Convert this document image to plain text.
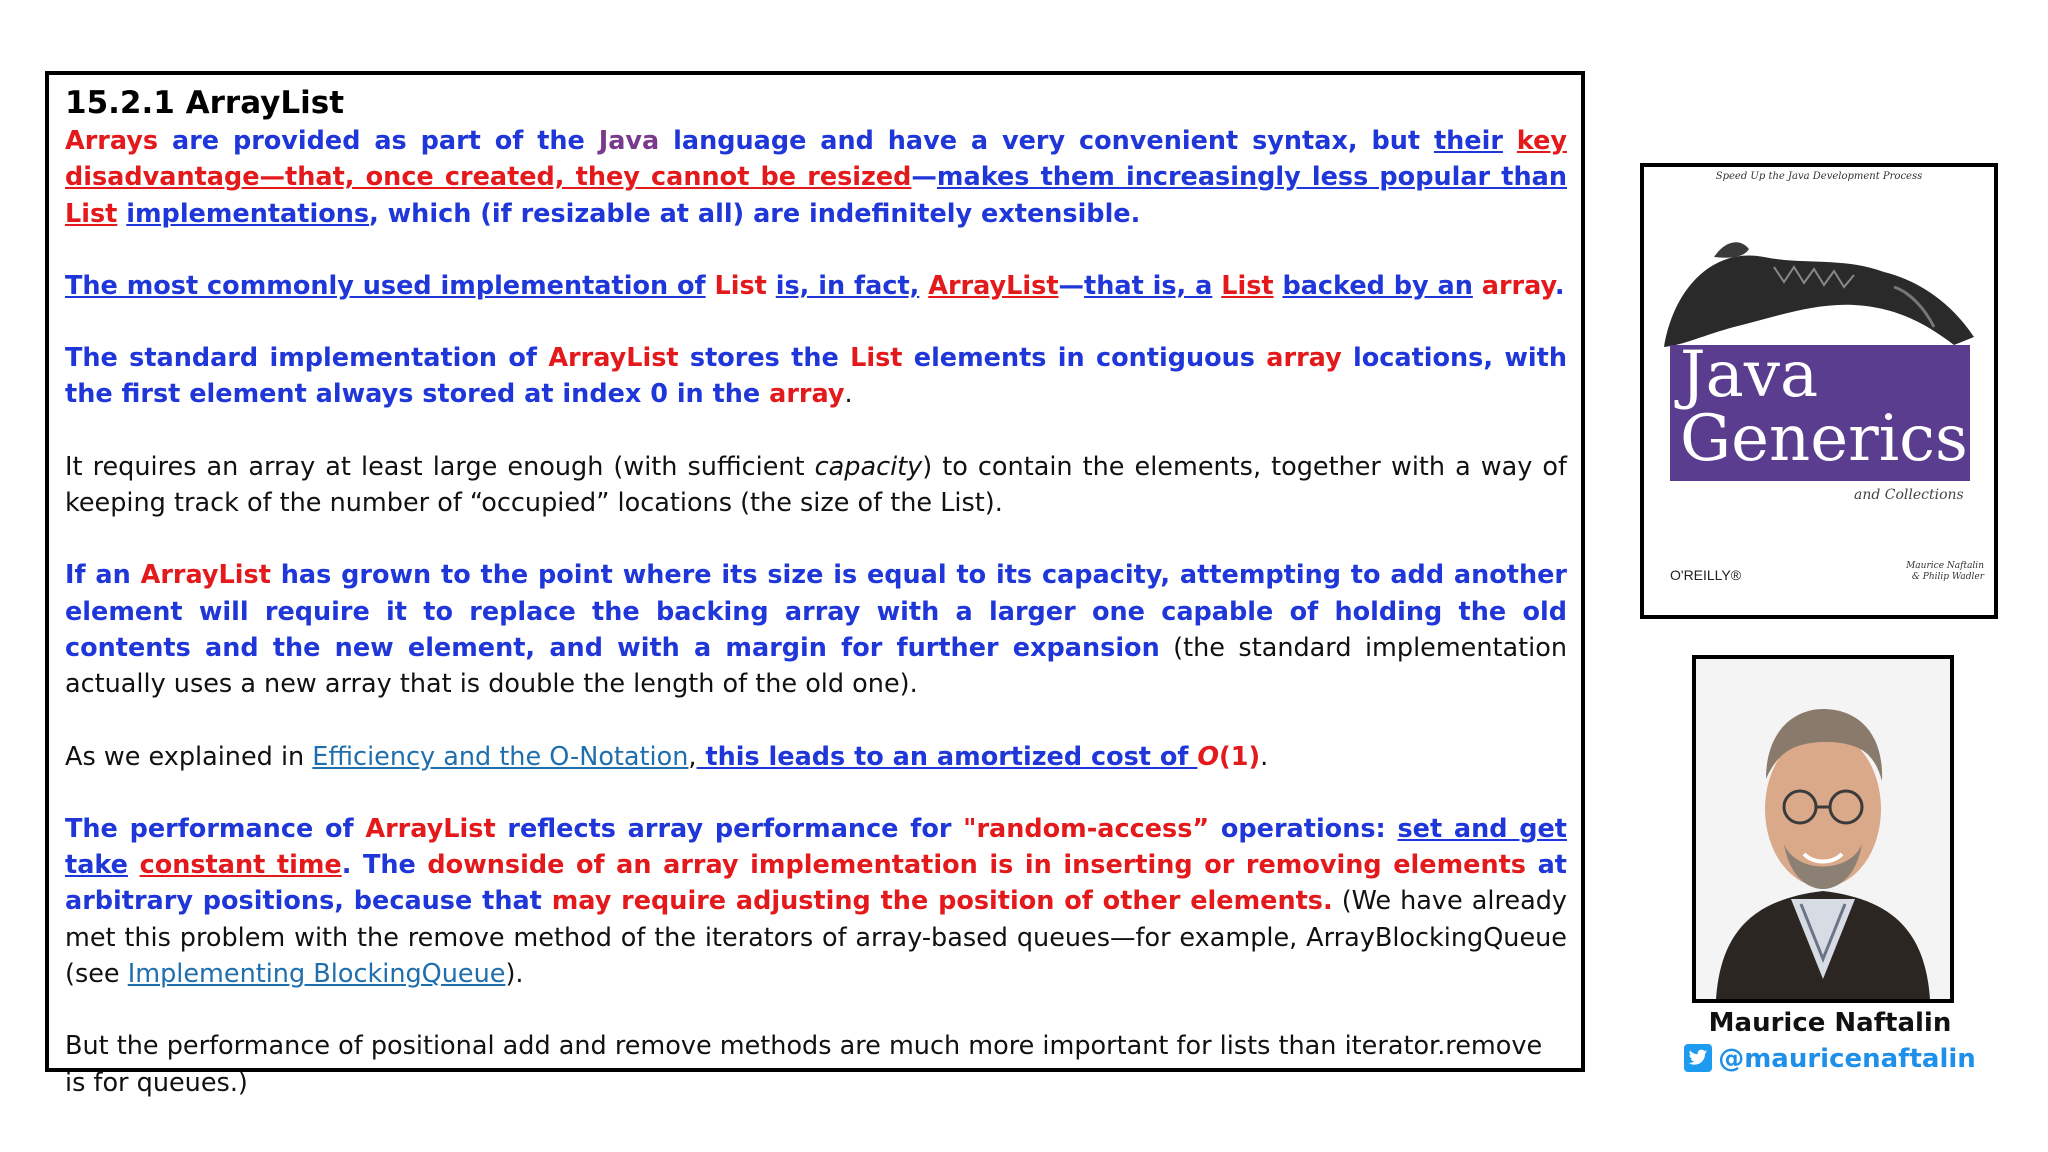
15.2.1 ArrayList

Arrays are provided as part of the Java language and have a very convenient syntax, but their key disadvantage—that, once created, they cannot be resized—makes them increasingly less popular than List implementations, which (if resizable at all) are indefinitely extensible.

The most commonly used implementation of List is, in fact, ArrayList—that is, a List backed by an array.

The standard implementation of ArrayList stores the List elements in contiguous array locations, with the first element always stored at index 0 in the array.

It requires an array at least large enough (with sufficient capacity) to contain the elements, together with a way of keeping track of the number of “occupied” locations (the size of the List).

If an ArrayList has grown to the point where its size is equal to its capacity, attempting to add another element will require it to replace the backing array with a larger one capable of holding the old contents and the new element, and with a margin for further expansion (the standard implementation actually uses a new array that is double the length of the old one).

As we explained in Efficiency and the O-Notation, this leads to an amortized cost of O(1).

The performance of ArrayList reflects array performance for "random-access” operations: set and get take constant time. The downside of an array implementation is in inserting or removing elements at arbitrary positions, because that may require adjusting the position of other elements. (We have already met this problem with the remove method of the iterators of array-based queues—for example, ArrayBlockingQueue (see Implementing BlockingQueue).

But the performance of positional add and remove methods are much more important for lists than iterator.remove is for queues.)

Speed Up the Java Development Process
Java
Generics
and Collections
O'REILLY®
Maurice Naftalin
& Philip Wadler
Maurice Naftalin
@mauricenaftalin
